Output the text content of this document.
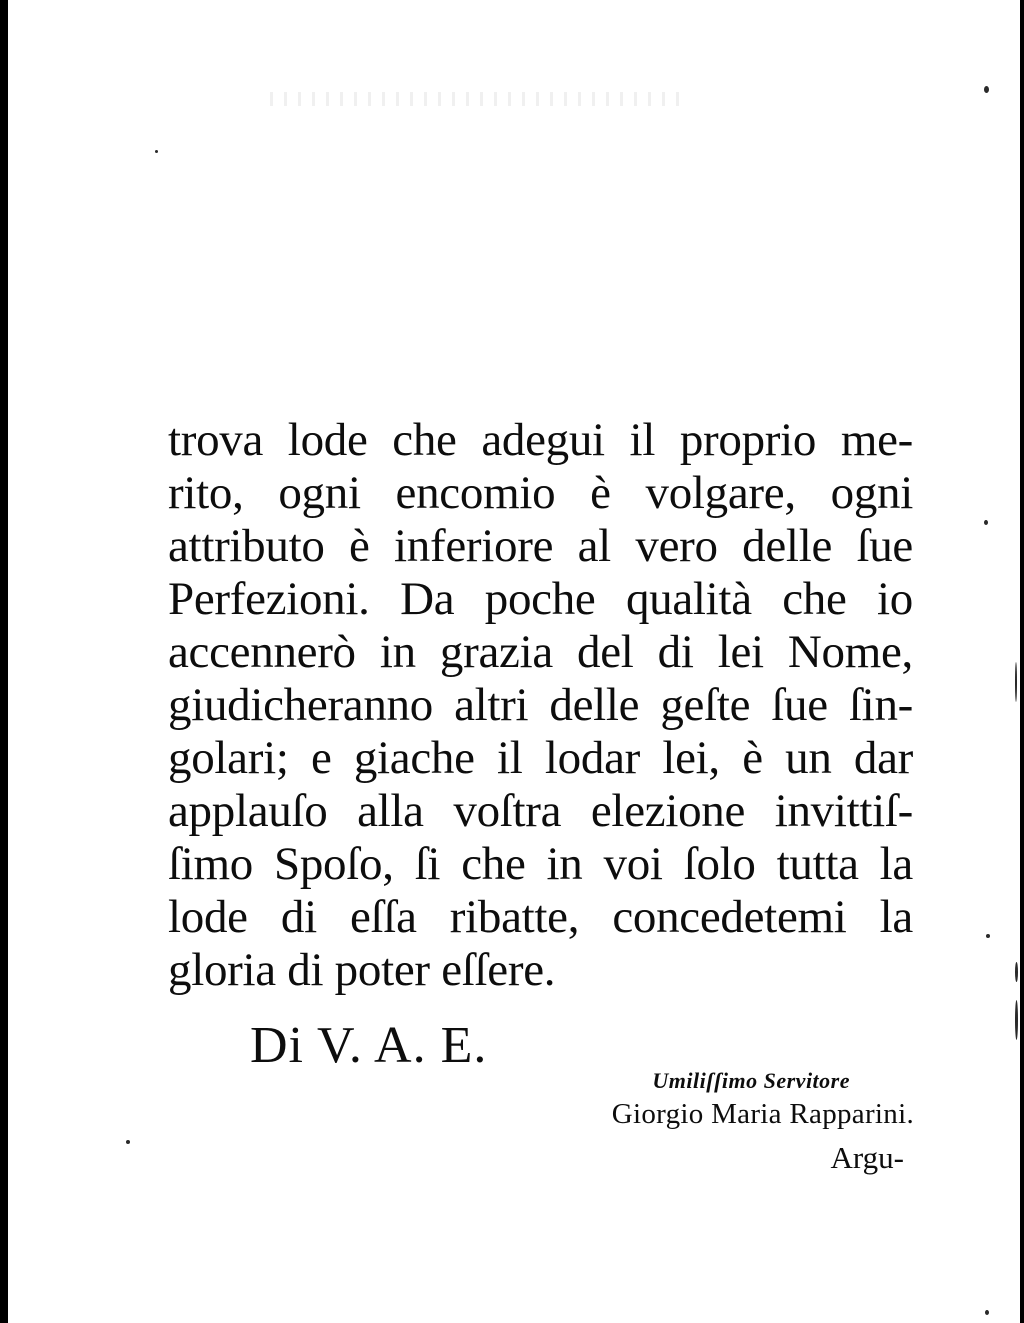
trova lode che adegui il proprio me-
rito, ogni encomio è volgare, ogni
attributo è inferiore al vero delle ſue
Perfezioni. Da poche qualità che io
accennerò in grazia del di lei Nome,
giudicheranno altri delle geſte ſue ſin-
golari; e giache il lodar lei, è un dar
applauſo alla voſtra elezione invittiſ-
ſimo Spoſo, ſi che in voi ſolo tutta la
lode di eſſa ribatte, concedetemi la
gloria di poter eſſere.
Di V. A. E.
Umiliſſimo Servitore
Giorgio Maria Rapparini.
Argu-
